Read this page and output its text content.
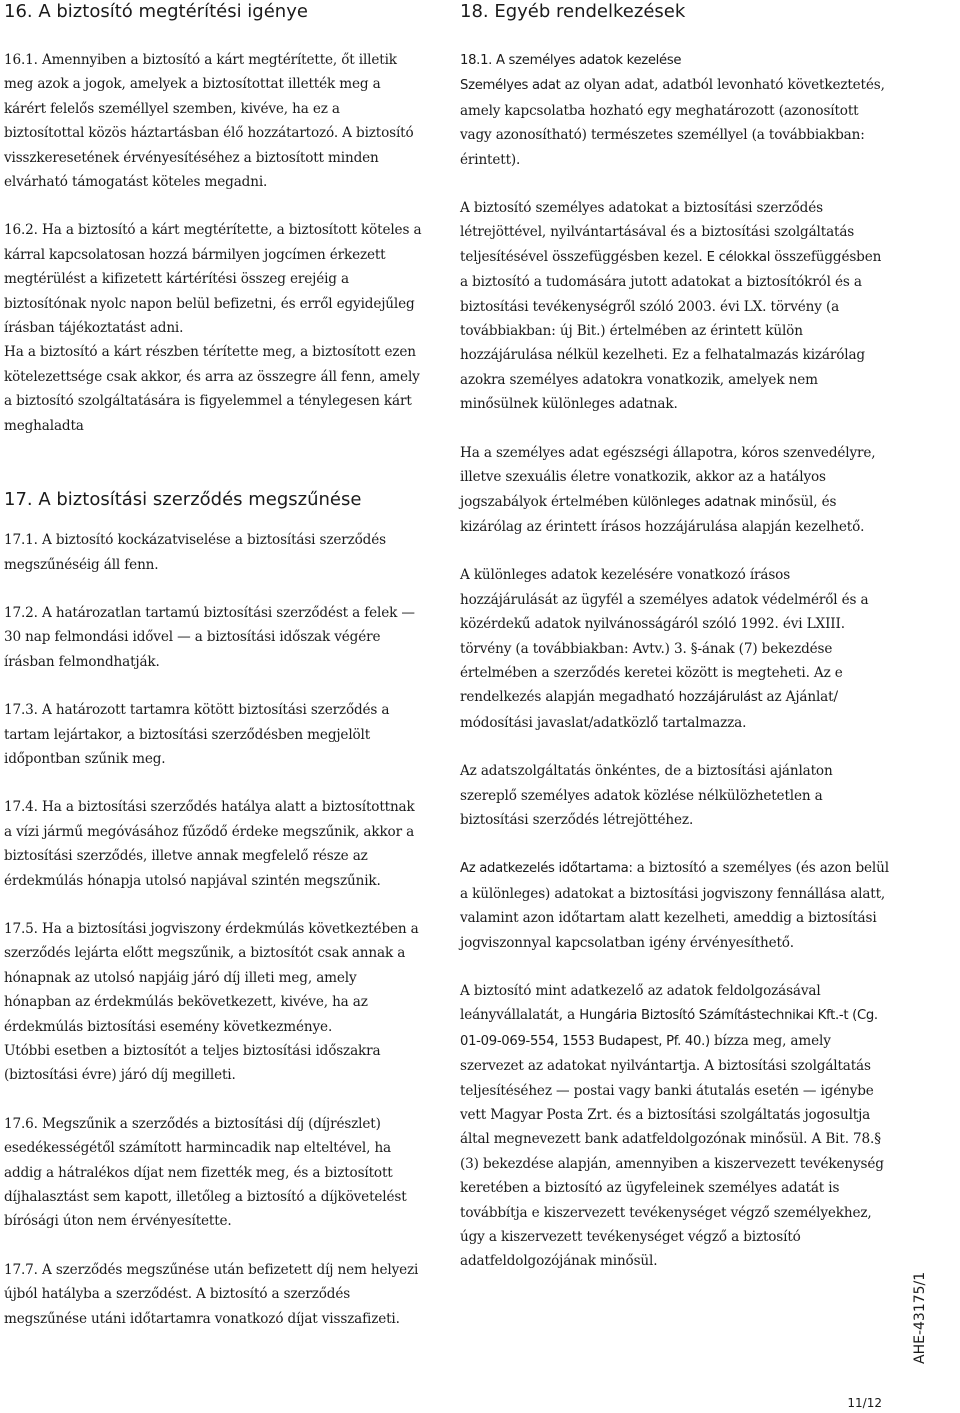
16. A biztosító megtérítési igénye

16.1. Amennyiben a biztosító a kárt megtérítette, őt illetik meg azok a jogok, amelyek a biztosítottat illették meg a kárért felelős személlyel szemben, kivéve, ha ez a biztosítottal közös háztartásban élő hozzátartozó. A biztosító visszkeresetének érvényesítéséhez a biztosított minden elvárható támogatást köteles megadni.

16.2. Ha a biztosító a kárt megtérítette, a biztosított köteles a kárral kapcsolatosan hozzá bármilyen jogcímen érkezett megtérülést a kifizetett kártérítési összeg erejéig a biztosítónak nyolc napon belül befizetni, és erről egyidejűleg írásban tájékoztatást adni.

Ha a biztosító a kárt részben térítette meg, a biztosított ezen kötelezettsége csak akkor, és arra az összegre áll fenn, amely a biztosító szolgáltatására is figyelemmel a ténylegesen kárt meghaladta

17. A biztosítási szerződés megszűnése

17.1. A biztosító kockázatviselése a biztosítási szerződés megszűnéséig áll fenn.

17.2. A határozatlan tartamú biztosítási szerződést a felek — 30 nap felmondási idővel — a biztosítási időszak végére írásban felmondhatják.

17.3. A határozott tartamra kötött biztosítási szerződés a tartam lejártakor, a biztosítási szerződésben megjelölt időpontban szűnik meg.

17.4. Ha a biztosítási szerződés hatálya alatt a biztosítottnak a vízi jármű megóvásához fűződő érdeke megszűnik, akkor a biztosítási szerződés, illetve annak megfelelő része az érdekmúlás hónapja utolsó napjával szintén megszűnik.

17.5. Ha a biztosítási jogviszony érdekmúlás következtében a szerződés lejárta előtt megszűnik, a biztosítót csak annak a hónapnak az utolsó napjáig járó díj illeti meg, amely hónapban az érdekmúlás bekövetkezett, kivéve, ha az érdekmúlás biztosítási esemény következménye.

Utóbbi esetben a biztosítót a teljes biztosítási időszakra (biztosítási évre) járó díj megilleti.

17.6. Megszűnik a szerződés a biztosítási díj (díjrészlet) esedékességétől számított harmincadik nap elteltével, ha addig a hátralékos díjat nem fizették meg, és a biztosított díjhalasztást sem kapott, illetőleg a biztosító a díjkövetelést bírósági úton nem érvényesítette.

17.7. A szerződés megszűnése után befizetett díj nem helyezi újból hatályba a szerződést. A biztosító a szerződés megszűnése utáni időtartamra vonatkozó díjat visszafizeti.

18. Egyéb rendelkezések

18.1. A személyes adatok kezelése
Személyes adat az olyan adat, adatból levonható következtetés, amely kapcsolatba hozható egy meghatározott (azonosított vagy azonosítható) természetes személlyel (a továbbiakban: érintett).

A biztosító személyes adatokat a biztosítási szerződés létrejöttével, nyilvántartásával és a biztosítási szolgáltatás teljesítésével összefüggésben kezel. E célokkal összefüggésben a biztosító a tudomására jutott adatokat a biztosítókról és a biztosítási tevékenységről szóló 2003. évi LX. törvény (a továbbiakban: új Bit.) értelmében az érintett külön hozzájárulása nélkül kezelheti. Ez a felhatalmazás kizárólag azokra személyes adatokra vonatkozik, amelyek nem minősülnek különleges adatnak.

Ha a személyes adat egészségi állapotra, kóros szenvedélyre, illetve szexuális életre vonatkozik, akkor az a hatályos jogszabályok értelmében különleges adatnak minősül, és kizárólag az érintett írásos hozzájárulása alapján kezelhető.

A különleges adatok kezelésére vonatkozó írásos hozzájárulását az ügyfél a személyes adatok védelméről és a közérdekű adatok nyilvánosságáról szóló 1992. évi LXIII. törvény (a továbbiakban: Avtv.) 3. §-ának (7) bekezdése értelmében a szerződés keretei között is megteheti. Az e rendelkezés alapján megadható hozzájárulást az Ajánlat/ módosítási javaslat/adatközlő tartalmazza.

Az adatszolgáltatás önkéntes, de a biztosítási ajánlaton szereplő személyes adatok közlése nélkülözhetetlen a biztosítási szerződés létrejöttéhez.

Az adatkezelés időtartama: a biztosító a személyes (és azon belül a különleges) adatokat a biztosítási jogviszony fennállása alatt, valamint azon időtartam alatt kezelheti, ameddig a biztosítási jogviszonnyal kapcsolatban igény érvényesíthető.

A biztosító mint adatkezelő az adatok feldolgozásával leányvállalatát, a Hungária Biztosító Számítástechnikai Kft.-t (Cg. 01-09-069-554, 1553 Budapest, Pf. 40.) bízza meg, amely szervezet az adatokat nyilvántartja. A biztosítási szolgáltatás teljesítéséhez — postai vagy banki átutalás esetén — igénybe vett Magyar Posta Zrt. és a biztosítási szolgáltatás jogosultja által megnevezett bank adatfeldolgozónak minősül. A Bit. 78.§ (3) bekezdése alapján, amennyiben a kiszervezett tevékenység keretében a biztosító az ügyfeleinek személyes adatát is továbbítja e kiszervezett tevékenységet végző személyekhez, úgy a kiszervezett tevékenységet végző a biztosító adatfeldolgozójának minősül.

AHE-43175/1
11/12
